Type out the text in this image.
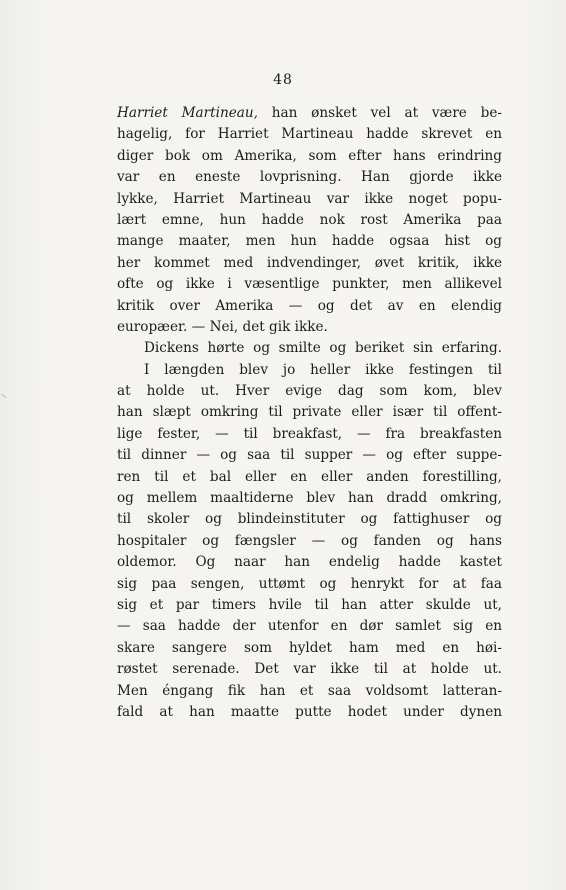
48
Harriet Martineau, han ønsket vel at være be-
hagelig, for Harriet Martineau hadde skrevet en
diger bok om Amerika, som efter hans erindring
var en eneste lovprisning. Han gjorde ikke
lykke, Harriet Martineau var ikke noget popu-
lært emne, hun hadde nok rost Amerika paa
mange maater, men hun hadde ogsaa hist og
her kommet med indvendinger, øvet kritik, ikke
ofte og ikke i væsentlige punkter, men allikevel
kritik over Amerika — og det av en elendig
europæer. — Nei, det gik ikke.
Dickens hørte og smilte og beriket sin erfaring.
I længden blev jo heller ikke festingen til
at holde ut. Hver evige dag som kom, blev
han slæpt omkring til private eller især til offent-
lige fester, — til breakfast, — fra breakfasten
til dinner — og saa til supper — og efter suppe-
ren til et bal eller en eller anden forestilling,
og mellem maaltiderne blev han dradd omkring,
til skoler og blindeinstituter og fattighuser og
hospitaler og fængsler — og fanden og hans
oldemor. Og naar han endelig hadde kastet
sig paa sengen, uttømt og henrykt for at faa
sig et par timers hvile til han atter skulde ut,
— saa hadde der utenfor en dør samlet sig en
skare sangere som hyldet ham med en høi-
røstet serenade. Det var ikke til at holde ut.
Men éngang fik han et saa voldsomt latteran-
fald at han maatte putte hodet under dynen
